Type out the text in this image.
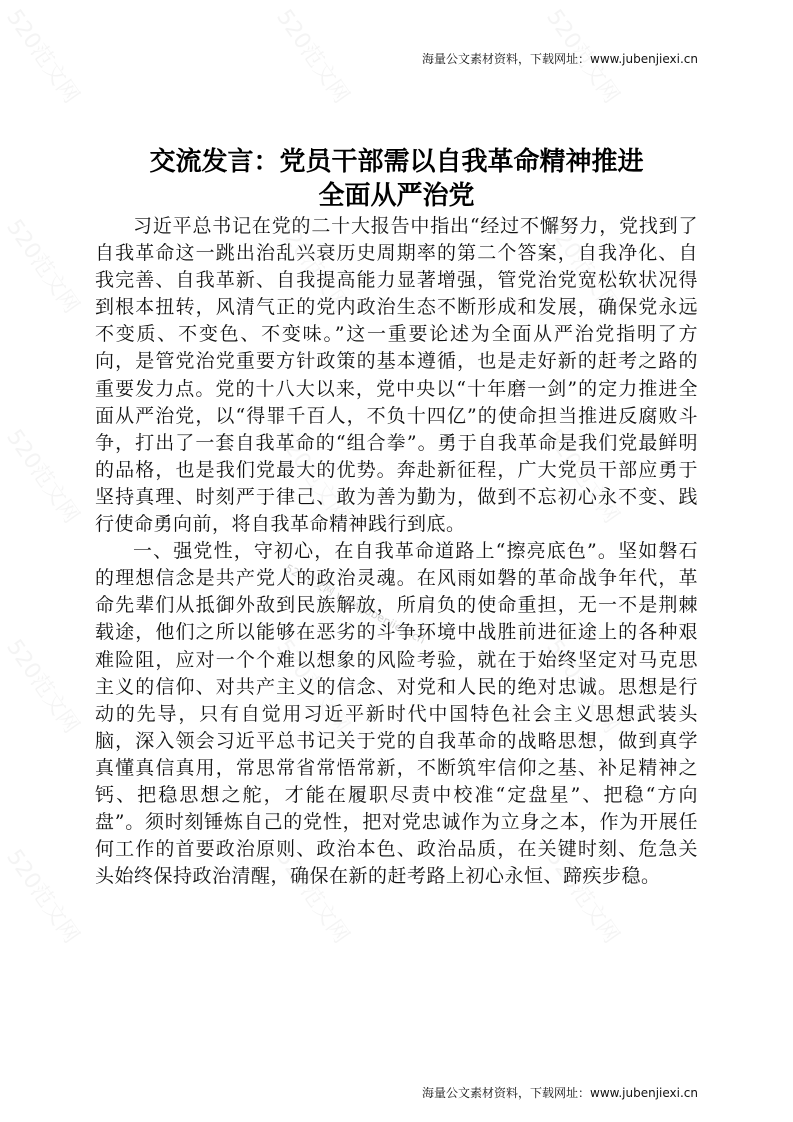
520范文网
520范文网
520范文网
520范文网
520范文网
520范文网
520范文网
520范文网
520范文网
520范文网
520范文网
520范文网
520范文网
520范文网
520范文网
520范文网 www.jubenjiexi.cn
海量公文素材资料，下载网址：www.jubenjiexi.cn
交流发言：党员干部需以自我革命精神推进
全面从严治党

习近平总书记在党的二十大报告中指出“经过不懈努力，党找到了自我革命这一跳出治乱兴衰历史周期率的第二个答案，自我净化、自我完善、自我革新、自我提高能力显著增强，管党治党宽松软状况得到根本扭转，风清气正的党内政治生态不断形成和发展，确保党永远不变质、不变色、不变味。”这一重要论述为全面从严治党指明了方向，是管党治党重要方针政策的基本遵循，也是走好新的赶考之路的重要发力点。党的十八大以来，党中央以“十年磨一剑”的定力推进全面从严治党，以“得罪千百人，不负十四亿”的使命担当推进反腐败斗争，打出了一套自我革命的“组合拳”。勇于自我革命是我们党最鲜明的品格，也是我们党最大的优势。奔赴新征程，广大党员干部应勇于坚持真理、时刻严于律己、敢为善为勤为，做到不忘初心永不变、践行使命勇向前，将自我革命精神践行到底。

一、强党性，守初心，在自我革命道路上“擦亮底色”。坚如磐石的理想信念是共产党人的政治灵魂。在风雨如磐的革命战争年代，革命先辈们从抵御外敌到民族解放，所肩负的使命重担，无一不是荆棘载途，他们之所以能够在恶劣的斗争环境中战胜前进征途上的各种艰难险阻，应对一个个难以想象的风险考验，就在于始终坚定对马克思主义的信仰、对共产主义的信念、对党和人民的绝对忠诚。思想是行动的先导，只有自觉用习近平新时代中国特色社会主义思想武装头脑，深入领会习近平总书记关于党的自我革命的战略思想，做到真学真懂真信真用，常思常省常悟常新，不断筑牢信仰之基、补足精神之钙、把稳思想之舵，才能在履职尽责中校准“定盘星”、把稳“方向盘”。须时刻锤炼自己的党性，把对党忠诚作为立身之本，作为开展任何工作的首要政治原则、政治本色、政治品质，在关键时刻、危急关头始终保持政治清醒，确保在新的赶考路上初心永恒、蹄疾步稳。

海量公文素材资料，下载网址：www.jubenjiexi.cn
